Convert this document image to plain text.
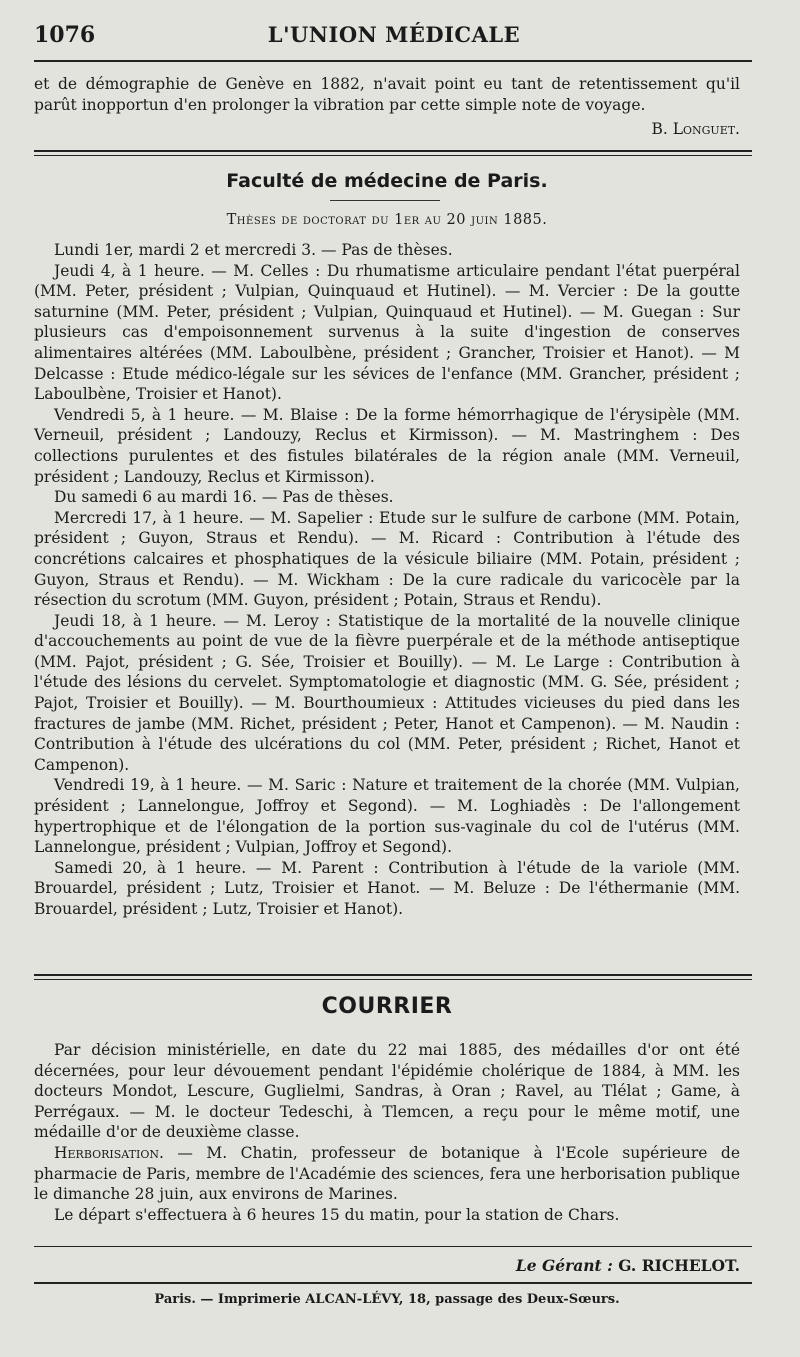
1076	L'UNION MÉDICALE

et de démographie de Genève en 1882, n'avait point eu tant de retentissement qu'il parût inopportun d'en prolonger la vibration par cette simple note de voyage.

B. Longuet.
Faculté de médecine de Paris.
Thèses de doctorat du 1er au 20 juin 1885.

Lundi 1er, mardi 2 et mercredi 3. — Pas de thèses.

Jeudi 4, à 1 heure. — M. Celles : Du rhumatisme articulaire pendant l'état puerpéral (MM. Peter, président ; Vulpian, Quinquaud et Hutinel). — M. Vercier : De la goutte saturnine (MM. Peter, président ; Vulpian, Quinquaud et Hutinel). — M. Guegan : Sur plusieurs cas d'empoisonnement survenus à la suite d'ingestion de conserves alimentaires altérées (MM. Laboulbène, président ; Grancher, Troisier et Hanot). — M Delcasse : Etude médico-légale sur les sévices de l'enfance (MM. Grancher, président ; Laboulbène, Troisier et Hanot).

Vendredi 5, à 1 heure. — M. Blaise : De la forme hémorrhagique de l'érysipèle (MM. Verneuil, président ; Landouzy, Reclus et Kirmisson). — M. Mastringhem : Des collections purulentes et des fistules bilatérales de la région anale (MM. Verneuil, président ; Landouzy, Reclus et Kirmisson).

Du samedi 6 au mardi 16. — Pas de thèses.

Mercredi 17, à 1 heure. — M. Sapelier : Etude sur le sulfure de carbone (MM. Potain, président ; Guyon, Straus et Rendu). — M. Ricard : Contribution à l'étude des concrétions calcaires et phosphatiques de la vésicule biliaire (MM. Potain, président ; Guyon, Straus et Rendu). — M. Wickham : De la cure radicale du varicocèle par la résection du scrotum (MM. Guyon, président ; Potain, Straus et Rendu).

Jeudi 18, à 1 heure. — M. Leroy : Statistique de la mortalité de la nouvelle clinique d'accouchements au point de vue de la fièvre puerpérale et de la méthode antiseptique (MM. Pajot, président ; G. Sée, Troisier et Bouilly). — M. Le Large : Contribution à l'étude des lésions du cervelet. Symptomatologie et diagnostic (MM. G. Sée, président ; Pajot, Troisier et Bouilly). — M. Bourthoumieux : Attitudes vicieuses du pied dans les fractures de jambe (MM. Richet, président ; Peter, Hanot et Campenon). — M. Naudin : Contribution à l'étude des ulcérations du col (MM. Peter, président ; Richet, Hanot et Campenon).

Vendredi 19, à 1 heure. — M. Saric : Nature et traitement de la chorée (MM. Vulpian, président ; Lannelongue, Joffroy et Segond). — M. Loghiadès : De l'allongement hypertrophique et de l'élongation de la portion sus-vaginale du col de l'utérus (MM. Lannelongue, président ; Vulpian, Joffroy et Segond).

Samedi 20, à 1 heure. — M. Parent : Contribution à l'étude de la variole (MM. Brouardel, président ; Lutz, Troisier et Hanot. — M. Beluze : De l'éthermanie (MM. Brouardel, président ; Lutz, Troisier et Hanot).

COURRIER

Par décision ministérielle, en date du 22 mai 1885, des médailles d'or ont été décernées, pour leur dévouement pendant l'épidémie cholérique de 1884, à MM. les docteurs Mondot, Lescure, Guglielmi, Sandras, à Oran ; Ravel, au Tlélat ; Game, à Perrégaux. — M. le docteur Tedeschi, à Tlemcen, a reçu pour le même motif, une médaille d'or de deuxième classe.

Herborisation. — M. Chatin, professeur de botanique à l'Ecole supérieure de pharmacie de Paris, membre de l'Académie des sciences, fera une herborisation publique le dimanche 28 juin, aux environs de Marines.

Le départ s'effectuera à 6 heures 15 du matin, pour la station de Chars.

Le Gérant : G. RICHELOT.
Paris. — Imprimerie ALCAN-LÉVY, 18, passage des Deux-Sœurs.
